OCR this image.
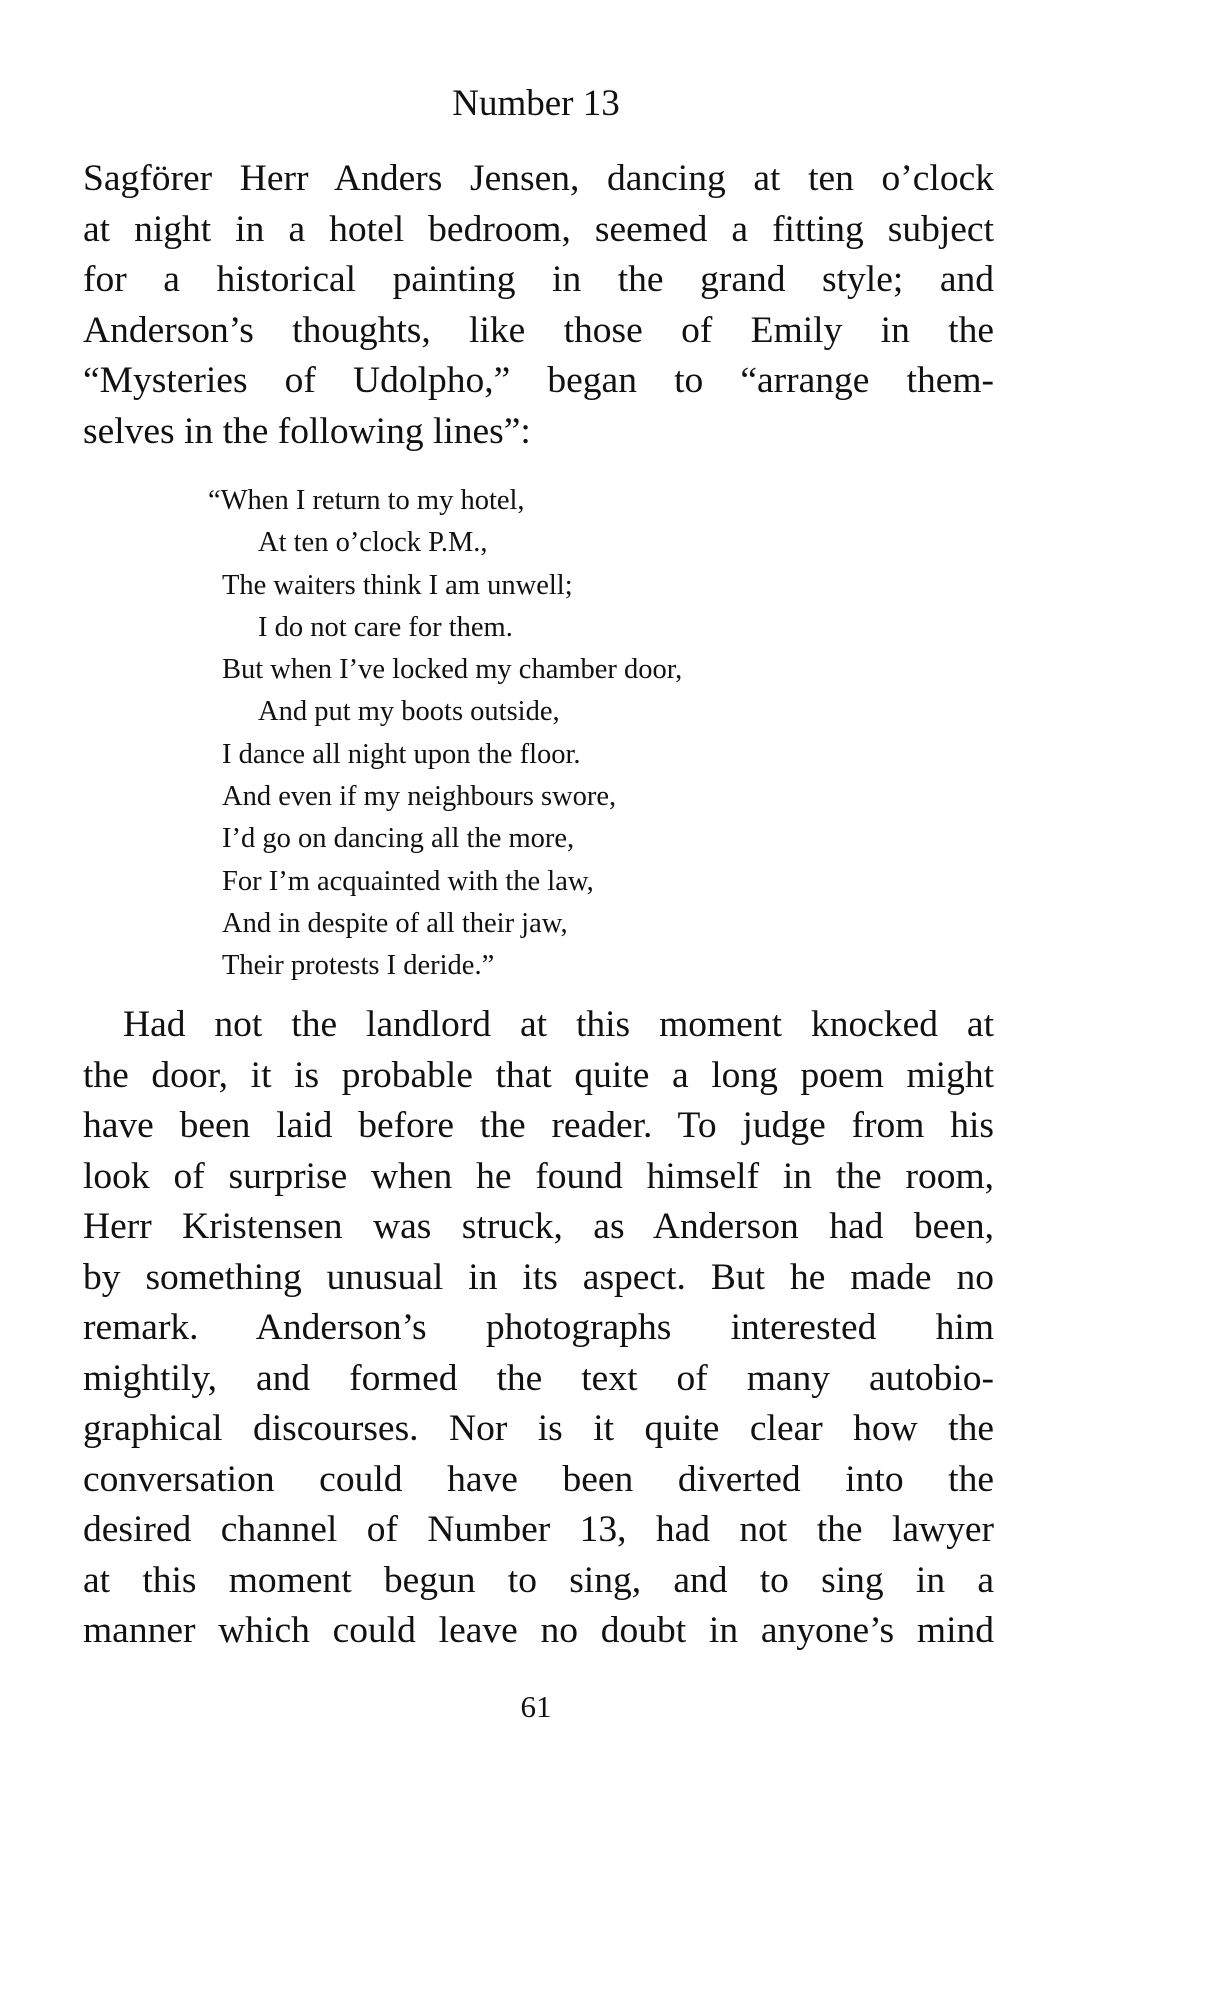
Number 13
Sagförer Herr Anders Jensen, dancing at ten o’clock
at night in a hotel bedroom, seemed a fitting subject
for a historical painting in the grand style; and
Anderson’s thoughts, like those of Emily in the
“Mysteries of Udolpho,” began to “arrange them-
selves in the following lines”:
“When I return to my hotel,
At ten o’clock P.M.,
The waiters think I am unwell;
I do not care for them.
But when I’ve locked my chamber door,
And put my boots outside,
I dance all night upon the floor.
And even if my neighbours swore,
I’d go on dancing all the more,
For I’m acquainted with the law,
And in despite of all their jaw,
Their protests I deride.”
Had not the landlord at this moment knocked at
the door, it is probable that quite a long poem might
have been laid before the reader. To judge from his
look of surprise when he found himself in the room,
Herr Kristensen was struck, as Anderson had been,
by something unusual in its aspect. But he made no
remark. Anderson’s photographs interested him
mightily, and formed the text of many autobio-
graphical discourses. Nor is it quite clear how the
conversation could have been diverted into the
desired channel of Number 13, had not the lawyer
at this moment begun to sing, and to sing in a
manner which could leave no doubt in anyone’s mind
61
